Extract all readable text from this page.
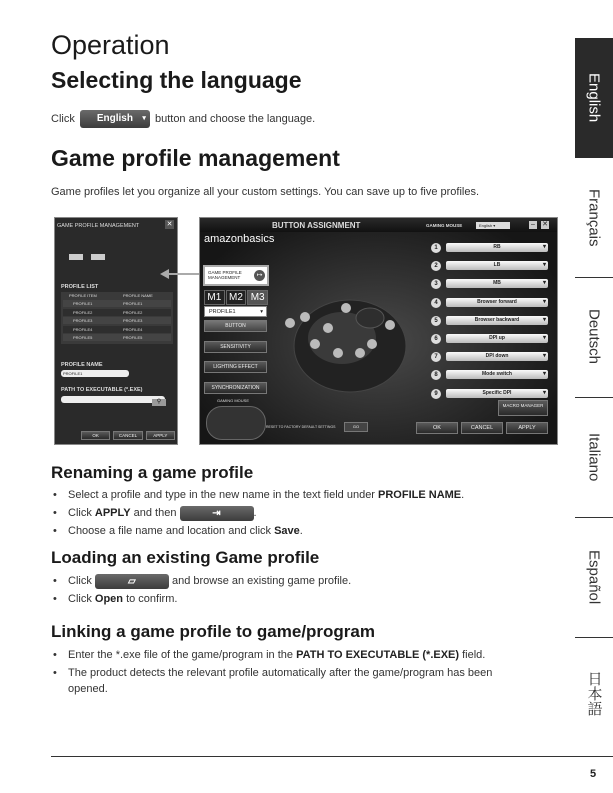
Operation
Selecting the language
Click English ▾ button and choose the language.
Game profile management
Game profiles let you organize all your custom settings. You can save up to five profiles.
GAME PROFILE MANAGEMENT	✕
PROFILE LIST
PROFILE ITEM	PROFILE NAME
PROFILE1	PROFILE1
PROFILE2	PROFILE2
PROFILE3	PROFILE3
PROFILE4	PROFILE4
PROFILE5	PROFILE5
PROFILE NAME
PROFILE1
PATH TO EXECUTABLE (*.EXE)
⚲
OK	CANCEL	APPLY
BUTTON ASSIGNMENT	GAMING MOUSE	English ▾	– ✕
amazonbasics
M1 M2 M3
PROFILE1	▾
BUTTON
SENSITIVITY
LIGHTING EFFECT
SYNCHRONIZATION
GAMING MOUSE
1	RB	▾
2	LB	▾
3	MB	▾
4	Browser forward	▾
5	Browser backward	▾
6	DPI up	▾
7	DPI down	▾
8	Mode switch	▾
9	Specific DPI	▾
MACRO MANAGER
RESET TO FACTORY DEFAULT SETTINGS	GO	OK	CANCEL	APPLY
GAME PROFILE MANAGEMENT	↦
Renaming a game profile
• Select a profile and type in the new name in the text field under PROFILE NAME.
• Click APPLY and then	⇥	.
• Choose a file name and location and click Save.
Loading an existing Game profile
• Click	▱	and browse an existing game profile.
• Click Open to confirm.
Linking a game profile to game/program
• Enter the *.exe file of the game/program in the PATH TO EXECUTABLE (*.EXE) field.
• The product detects the relevant profile automatically after the game/program has been opened.
English
Français
Deutsch
Italiano
Español
日本語
5
